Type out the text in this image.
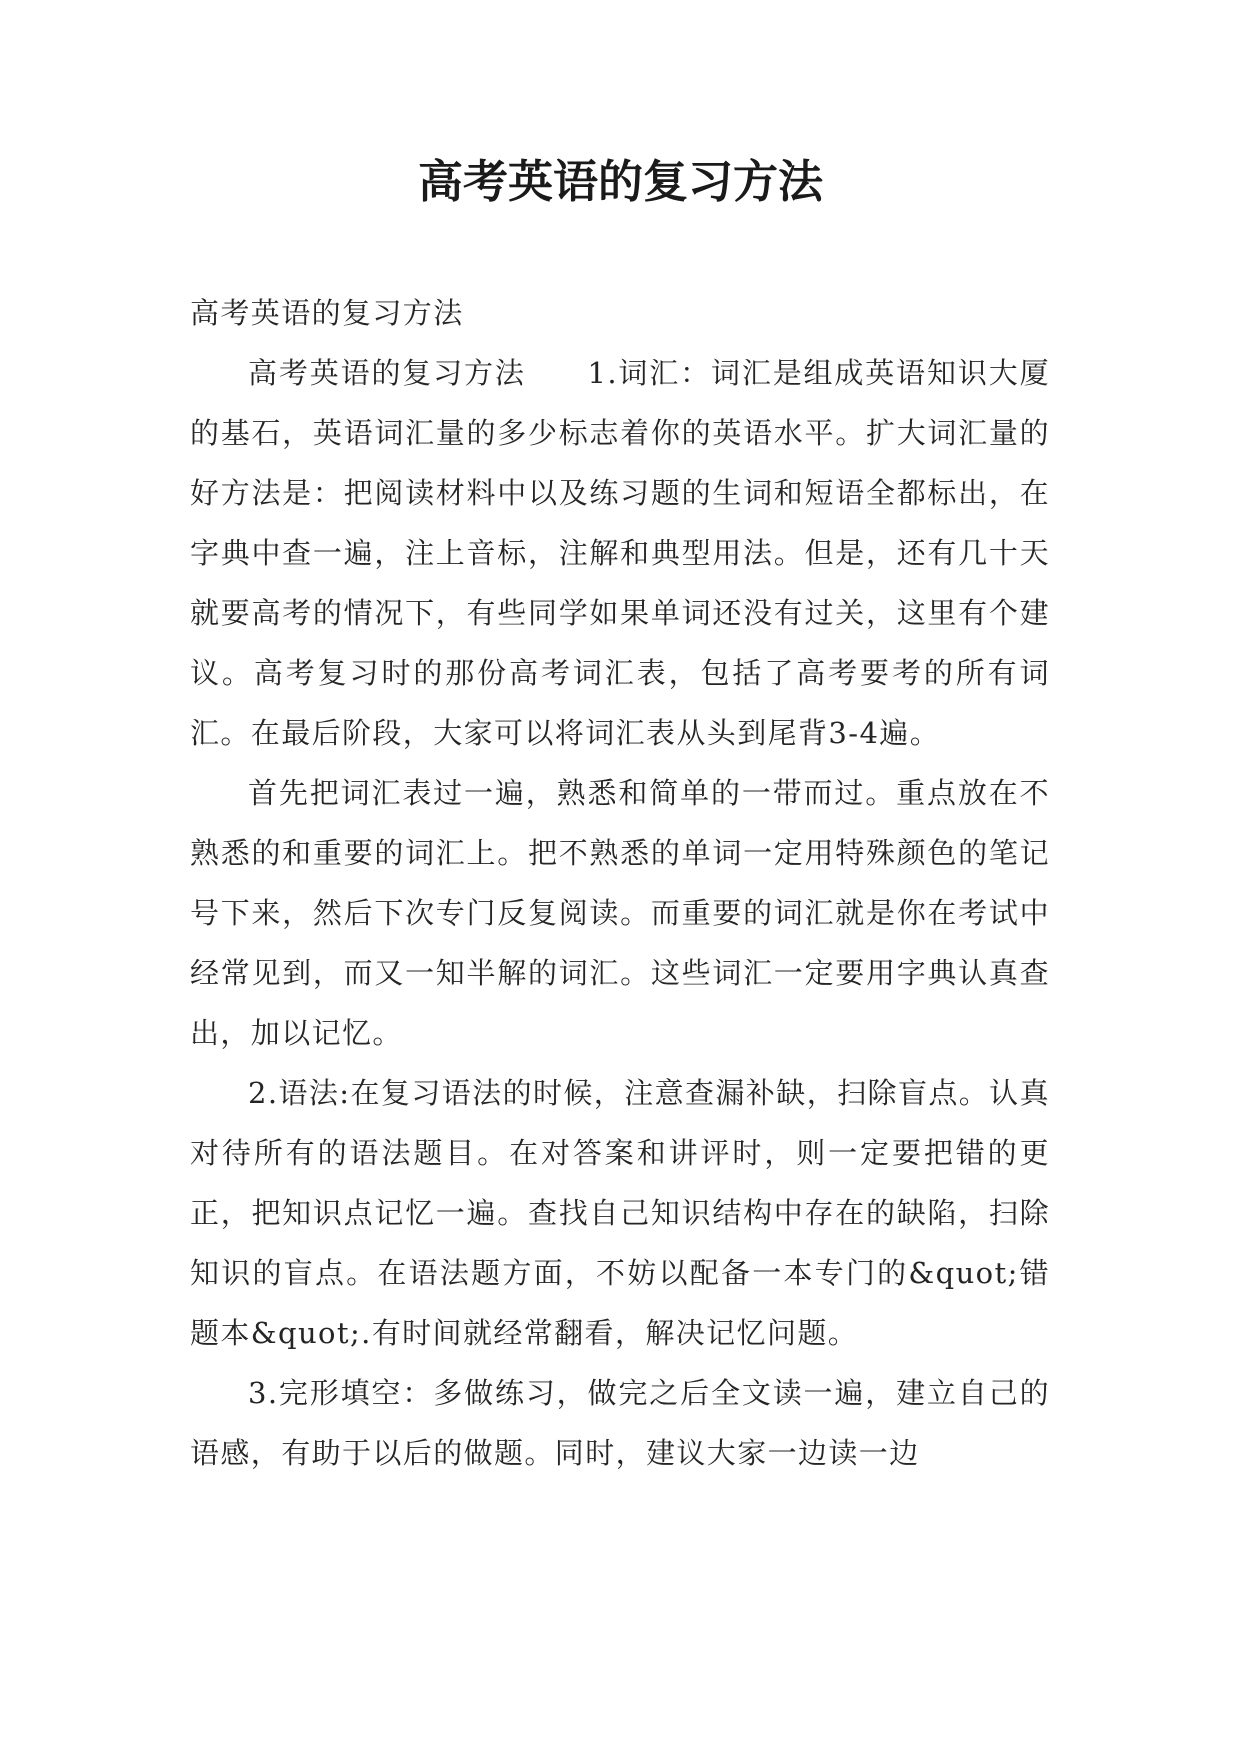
高考英语的复习方法

高考英语的复习方法

高考英语的复习方法　　1.词汇：词汇是组成英语知识大厦的基石，英语词汇量的多少标志着你的英语水平。扩大词汇量的好方法是：把阅读材料中以及练习题的生词和短语全都标出，在字典中查一遍，注上音标，注解和典型用法。但是，还有几十天就要高考的情况下，有些同学如果单词还没有过关，这里有个建议。高考复习时的那份高考词汇表，包括了高考要考的所有词汇。在最后阶段，大家可以将词汇表从头到尾背3-4遍。

首先把词汇表过一遍，熟悉和简单的一带而过。重点放在不熟悉的和重要的词汇上。把不熟悉的单词一定用特殊颜色的笔记号下来，然后下次专门反复阅读。而重要的词汇就是你在考试中经常见到，而又一知半解的词汇。这些词汇一定要用字典认真查出，加以记忆。

2.语法:在复习语法的时候，注意查漏补缺，扫除盲点。认真对待所有的语法题目。在对答案和讲评时，则一定要把错的更正，把知识点记忆一遍。查找自己知识结构中存在的缺陷，扫除知识的盲点。在语法题方面，不妨以配备一本专门的&quot;错题本&quot;.有时间就经常翻看，解决记忆问题。

3.完形填空：多做练习，做完之后全文读一遍，建立自己的语感，有助于以后的做题。同时，建议大家一边读一边
